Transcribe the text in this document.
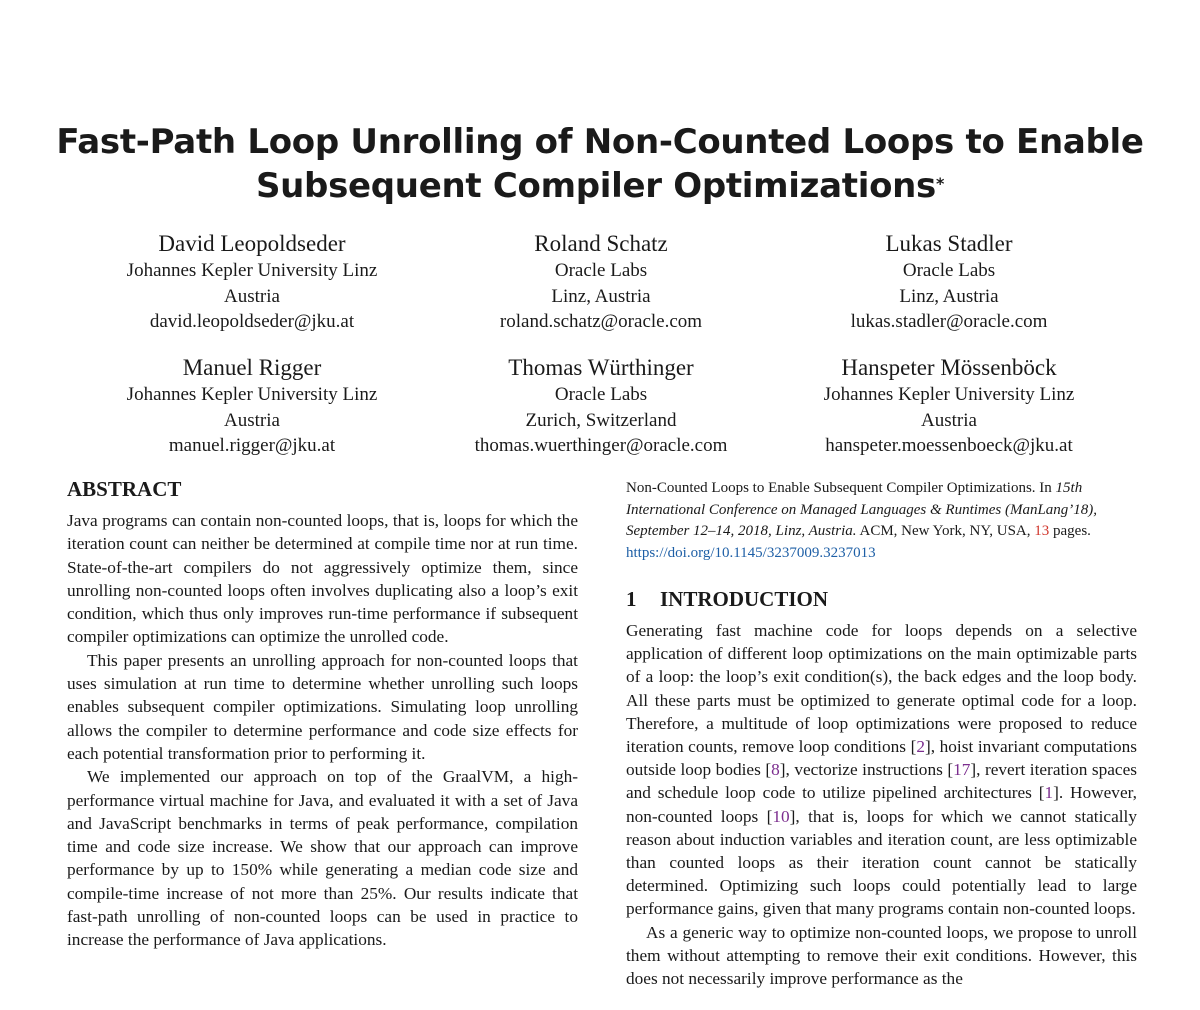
Fast-Path Loop Unrolling of Non-Counted Loops to Enable
Subsequent Compiler Optimizations*
David Leopoldseder
Johannes Kepler University Linz
Austria
david.leopoldseder@jku.at
Roland Schatz
Oracle Labs
Linz, Austria
roland.schatz@oracle.com
Lukas Stadler
Oracle Labs
Linz, Austria
lukas.stadler@oracle.com
Manuel Rigger
Johannes Kepler University Linz
Austria
manuel.rigger@jku.at
Thomas Würthinger
Oracle Labs
Zurich, Switzerland
thomas.wuerthinger@oracle.com
Hanspeter Mössenböck
Johannes Kepler University Linz
Austria
hanspeter.moessenboeck@jku.at
ABSTRACT

Java programs can contain non-counted loops, that is, loops for which the iteration count can neither be determined at compile time nor at run time. State-of-the-art compilers do not aggressively optimize them, since unrolling non-counted loops often involves duplicating also a loop’s exit condition, which thus only improves run-time performance if subsequent compiler optimizations can optimize the unrolled code.

This paper presents an unrolling approach for non-counted loops that uses simulation at run time to determine whether unrolling such loops enables subsequent compiler optimizations. Simulating loop unrolling allows the compiler to determine performance and code size effects for each potential transformation prior to performing it.

We implemented our approach on top of the GraalVM, a high-performance virtual machine for Java, and evaluated it with a set of Java and JavaScript benchmarks in terms of peak performance, compilation time and code size increase. We show that our approach can improve performance by up to 150% while generating a median code size and compile-time increase of not more than 25%. Our results indicate that fast-path unrolling of non-counted loops can be used in practice to increase the performance of Java applications.

Non-Counted Loops to Enable Subsequent Compiler Optimizations. In 15th International Conference on Managed Languages & Runtimes (ManLang’18), September 12–14, 2018, Linz, Austria. ACM, New York, NY, USA, 13 pages.
https://doi.org/10.1145/3237009.3237013
1 INTRODUCTION

Generating fast machine code for loops depends on a selective application of different loop optimizations on the main optimizable parts of a loop: the loop’s exit condition(s), the back edges and the loop body. All these parts must be optimized to generate optimal code for a loop. Therefore, a multitude of loop optimizations were proposed to reduce iteration counts, remove loop conditions [2], hoist invariant computations outside loop bodies [8], vectorize instructions [17], revert iteration spaces and schedule loop code to utilize pipelined architectures [1]. However, non-counted loops [10], that is, loops for which we cannot statically reason about induction variables and iteration count, are less optimizable than counted loops as their iteration count cannot be statically determined. Optimizing such loops could potentially lead to large performance gains, given that many programs contain non-counted loops.

As a generic way to optimize non-counted loops, we propose to unroll them without attempting to remove their exit conditions. However, this does not necessarily improve performance as the
